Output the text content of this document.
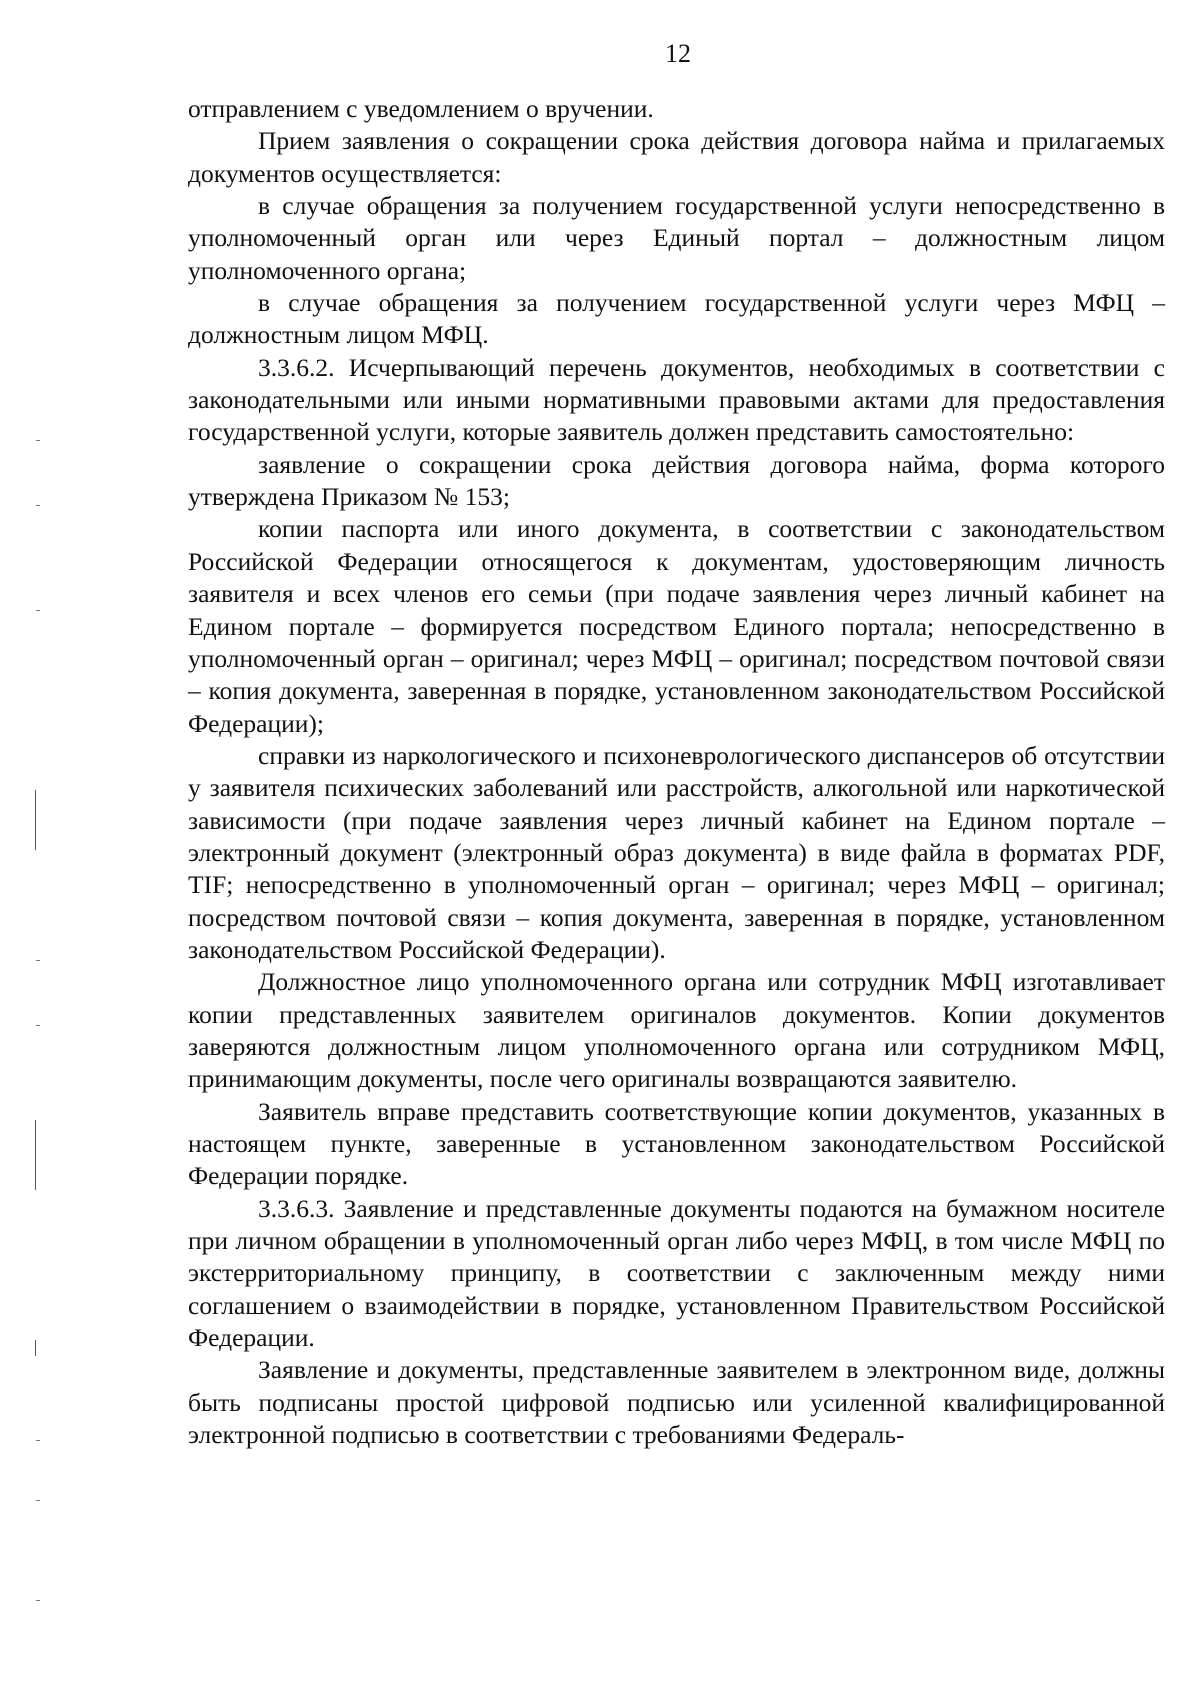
12

отправлением с уведомлением о вручении.

Прием заявления о сокращении срока действия договора найма и прилагаемых документов осуществляется:

в случае обращения за получением государственной услуги непосредственно в уполномоченный орган или через Единый портал – должностным лицом уполномоченного органа;

в случае обращения за получением государственной услуги через МФЦ – должностным лицом МФЦ.

3.3.6.2. Исчерпывающий перечень документов, необходимых в соответствии с законодательными или иными нормативными правовыми актами для предоставления государственной услуги, которые заявитель должен представить самостоятельно:

заявление о сокращении срока действия договора найма, форма которого утверждена Приказом № 153;

копии паспорта или иного документа, в соответствии с законодательством Российской Федерации относящегося к документам, удостоверяющим личность заявителя и всех членов его семьи (при подаче заявления через личный кабинет на Едином портале – формируется посредством Единого портала; непосредственно в уполномоченный орган – оригинал; через МФЦ – оригинал; посредством почтовой связи – копия документа, заверенная в порядке, установленном законодательством Российской Федерации);

справки из наркологического и психоневрологического диспансеров об отсутствии у заявителя психических заболеваний или расстройств, алкогольной или наркотической зависимости (при подаче заявления через личный кабинет на Едином портале – электронный документ (электронный образ документа) в виде файла в форматах PDF, TIF; непосредственно в уполномоченный орган – оригинал; через МФЦ – оригинал; посредством почтовой связи – копия документа, заверенная в порядке, установленном законодательством Российской Федерации).

Должностное лицо уполномоченного органа или сотрудник МФЦ изготавливает копии представленных заявителем оригиналов документов. Копии документов заверяются должностным лицом уполномоченного органа или сотрудником МФЦ, принимающим документы, после чего оригиналы возвращаются заявителю.

Заявитель вправе представить соответствующие копии документов, указанных в настоящем пункте, заверенные в установленном законодательством Российской Федерации порядке.

3.3.6.3. Заявление и представленные документы подаются на бумажном носителе при личном обращении в уполномоченный орган либо через МФЦ, в том числе МФЦ по экстерриториальному принципу, в соответствии с заключенным между ними соглашением о взаимодействии в порядке, установленном Правительством Российской Федерации.

Заявление и документы, представленные заявителем в электронном виде, должны быть подписаны простой цифровой подписью или усиленной квалифицированной электронной подписью в соответствии с требованиями Федераль-
